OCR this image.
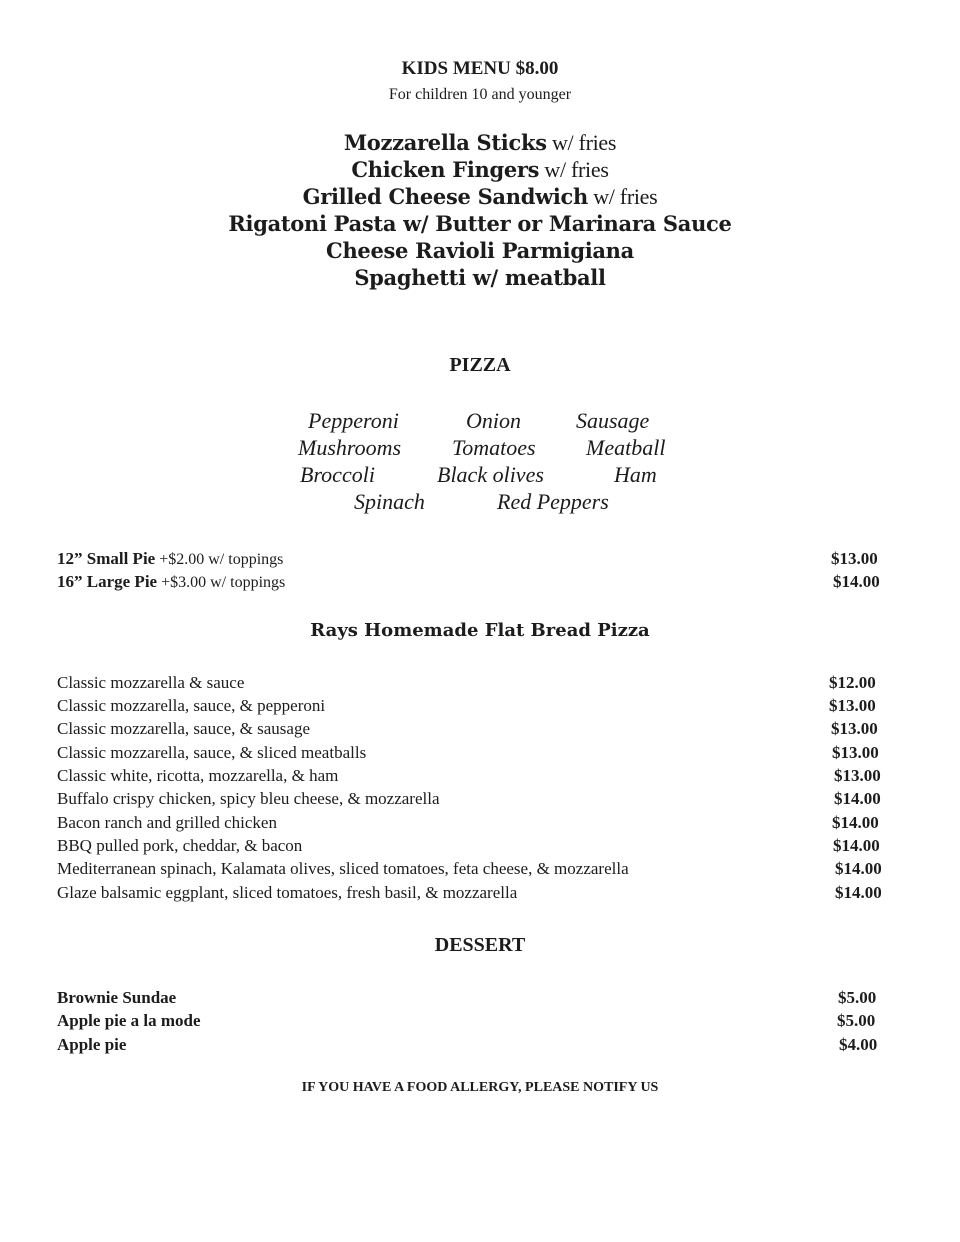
KIDS MENU $8.00
For children 10 and younger
Mozzarella Sticks w/ fries
Chicken Fingers w/ fries
Grilled Cheese Sandwich w/ fries
Rigatoni Pasta w/ Butter or Marinara Sauce
Cheese Ravioli Parmigiana
Spaghetti w/ meatball
PIZZA
Pepperoni	Onion	Sausage
Mushrooms Tomatoes Meatball
Broccoli	Black olives	Ham
Spinach	Red Peppers
12” Small Pie +$2.00 w/ toppings	$13.00
16” Large Pie +$3.00 w/ toppings	$14.00
Rays Homemade Flat Bread Pizza
Classic mozzarella & sauce	$12.00
Classic mozzarella, sauce, & pepperoni	$13.00
Classic mozzarella, sauce, & sausage	$13.00
Classic mozzarella, sauce, & sliced meatballs	$13.00
Classic white, ricotta, mozzarella, & ham	$13.00
Buffalo crispy chicken, spicy bleu cheese, & mozzarella	$14.00
Bacon ranch and grilled chicken	$14.00
BBQ pulled pork, cheddar, & bacon	$14.00
Mediterranean spinach, Kalamata olives, sliced tomatoes, feta cheese, & mozzarella	$14.00
Glaze balsamic eggplant, sliced tomatoes, fresh basil, & mozzarella	$14.00
DESSERT
Brownie Sundae	$5.00
Apple pie a la mode	$5.00
Apple pie	$4.00
IF YOU HAVE A FOOD ALLERGY, PLEASE NOTIFY US
